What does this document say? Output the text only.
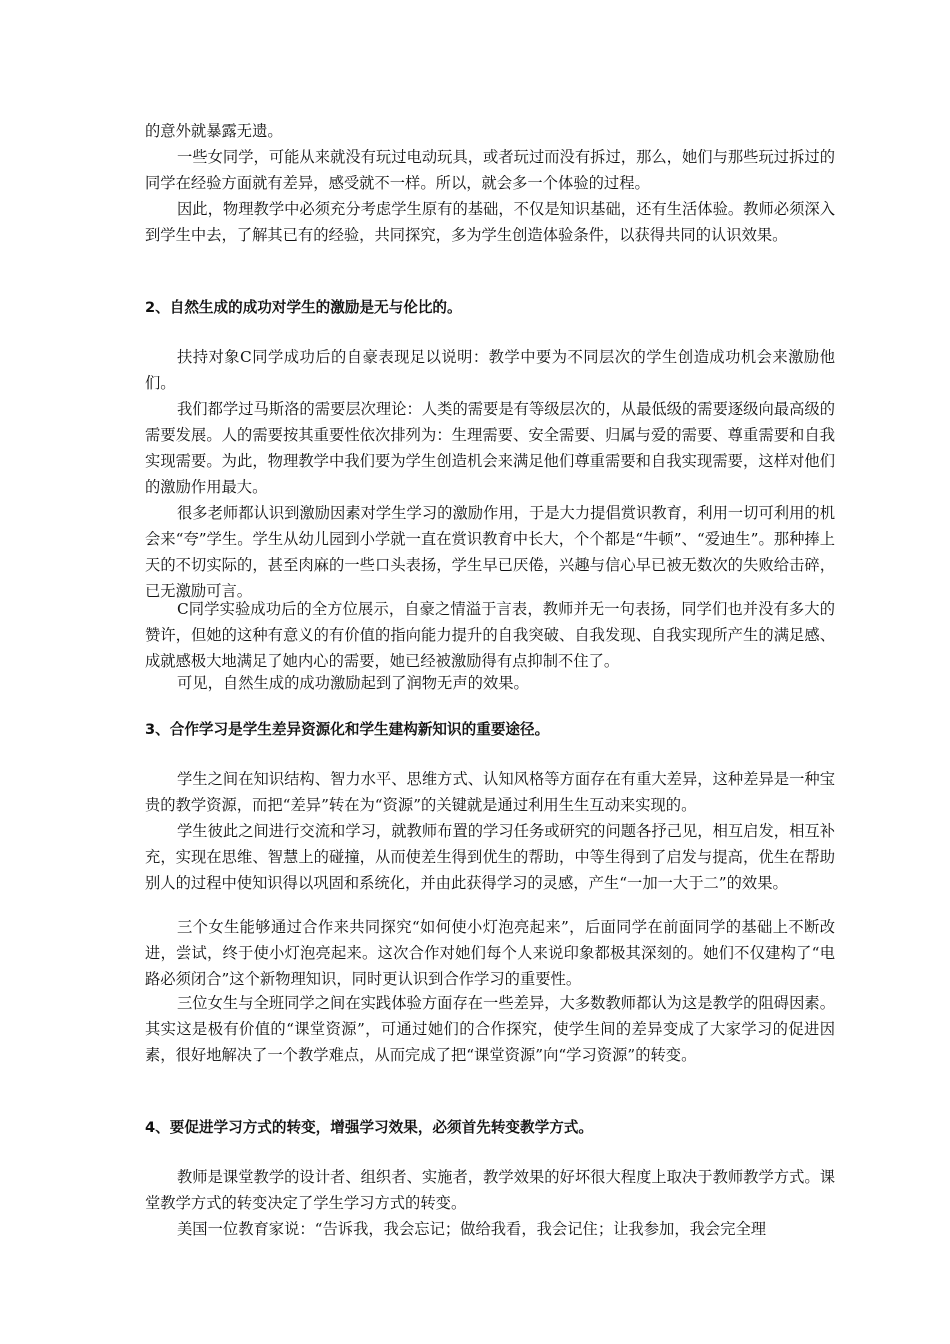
的意外就暴露无遗。

一些女同学，可能从来就没有玩过电动玩具，或者玩过而没有拆过，那么，她们与那些玩过拆过的同学在经验方面就有差异，感受就不一样。所以，就会多一个体验的过程。

因此，物理教学中必须充分考虑学生原有的基础，不仅是知识基础，还有生活体验。教师必须深入到学生中去，了解其已有的经验，共同探究，多为学生创造体验条件，以获得共同的认识效果。

2、自然生成的成功对学生的激励是无与伦比的。

扶持对象C同学成功后的自豪表现足以说明：教学中要为不同层次的学生创造成功机会来激励他们。

我们都学过马斯洛的需要层次理论：人类的需要是有等级层次的，从最低级的需要逐级向最高级的需要发展。人的需要按其重要性依次排列为：生理需要、安全需要、归属与爱的需要、尊重需要和自我实现需要。为此，物理教学中我们要为学生创造机会来满足他们尊重需要和自我实现需要，这样对他们的激励作用最大。

很多老师都认识到激励因素对学生学习的激励作用，于是大力提倡赏识教育，利用一切可利用的机会来“夸”学生。学生从幼儿园到小学就一直在赏识教育中长大，个个都是“牛顿”、“爱迪生”。那种捧上天的不切实际的，甚至肉麻的一些口头表扬，学生早已厌倦，兴趣与信心早已被无数次的失败给击碎，已无激励可言。

C同学实验成功后的全方位展示，自豪之情溢于言表，教师并无一句表扬，同学们也并没有多大的赞许，但她的这种有意义的有价值的指向能力提升的自我突破、自我发现、自我实现所产生的满足感、成就感极大地满足了她内心的需要，她已经被激励得有点抑制不住了。

可见，自然生成的成功激励起到了润物无声的效果。

3、合作学习是学生差异资源化和学生建构新知识的重要途径。

学生之间在知识结构、智力水平、思维方式、认知风格等方面存在有重大差异，这种差异是一种宝贵的教学资源，而把“差异”转在为“资源”的关键就是通过利用生生互动来实现的。

学生彼此之间进行交流和学习，就教师布置的学习任务或研究的问题各抒己见，相互启发，相互补充，实现在思维、智慧上的碰撞，从而使差生得到优生的帮助，中等生得到了启发与提高，优生在帮助别人的过程中使知识得以巩固和系统化，并由此获得学习的灵感，产生“一加一大于二”的效果。

三个女生能够通过合作来共同探究“如何使小灯泡亮起来”，后面同学在前面同学的基础上不断改进，尝试，终于使小灯泡亮起来。这次合作对她们每个人来说印象都极其深刻的。她们不仅建构了“电路必须闭合”这个新物理知识，同时更认识到合作学习的重要性。

三位女生与全班同学之间在实践体验方面存在一些差异，大多数教师都认为这是教学的阻碍因素。其实这是极有价值的“课堂资源”，可通过她们的合作探究，使学生间的差异变成了大家学习的促进因素，很好地解决了一个教学难点，从而完成了把“课堂资源”向“学习资源”的转变。

4、要促进学习方式的转变，增强学习效果，必须首先转变教学方式。

教师是课堂教学的设计者、组织者、实施者，教学效果的好坏很大程度上取决于教师教学方式。课堂教学方式的转变决定了学生学习方式的转变。

美国一位教育家说：“告诉我，我会忘记；做给我看，我会记住；让我参加，我会完全理
